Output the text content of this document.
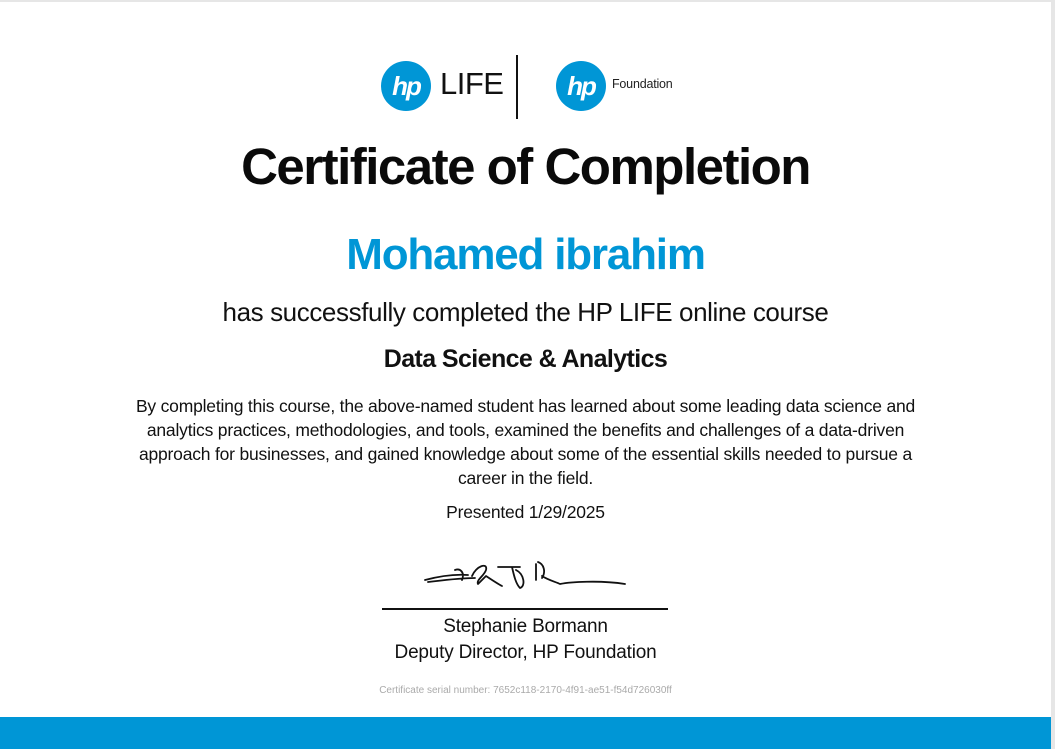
hp LIFE hp Foundation
Certificate of Completion
Mohamed ibrahim
has successfully completed the HP LIFE online course
Data Science & Analytics
By completing this course, the above-named student has learned about some leading data science and analytics practices, methodologies, and tools, examined the benefits and challenges of a data-driven approach for businesses, and gained knowledge about some of the essential skills needed to pursue a career in the field.
Presented 1/29/2025
Stephanie Bormann
Deputy Director, HP Foundation
Certificate serial number: 7652c118-2170-4f91-ae51-f54d726030ff
